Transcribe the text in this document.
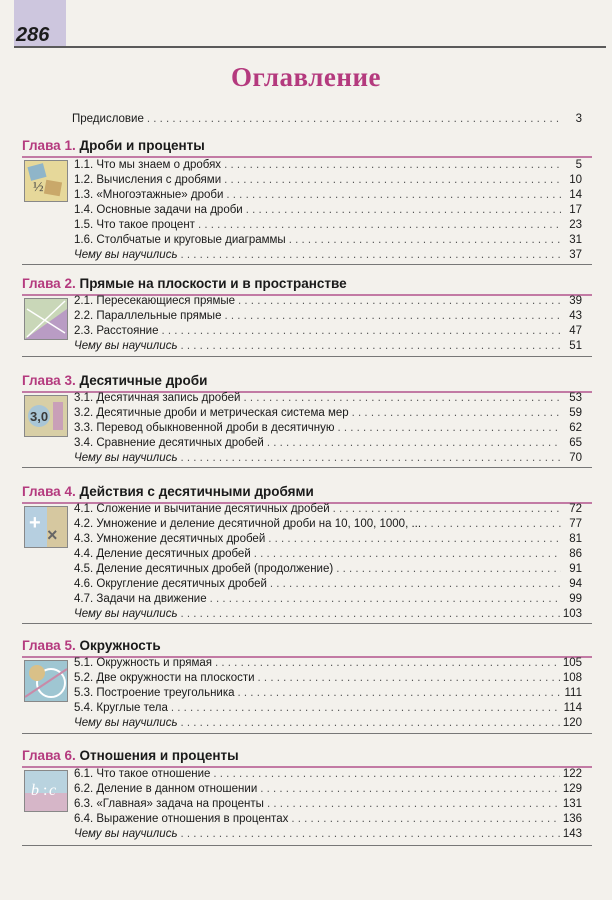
286
Оглавление
Предисловие . . .	3
Глава 1. Дроби и проценты
½
1.1. Что мы знаем о дробях . . .	5
1.2. Вычисления с дробями . . .	10
1.3. «Многоэтажные» дроби . . .	14
1.4. Основные задачи на дроби . . .	17
1.5. Что такое процент . . .	23
1.6. Столбчатые и круговые диаграммы . . .	31
Чему вы научились . . .	37
Глава 2. Прямые на плоскости и в пространстве
2.1. Пересекающиеся прямые . . .	39
2.2. Параллельные прямые . . .	43
2.3. Расстояние . . .	47
Чему вы научились . . .	51
Глава 3. Десятичные дроби
3,0
3.1. Десятичная запись дробей . . .	53
3.2. Десятичные дроби и метрическая система мер . . .	59
3.3. Перевод обыкновенной дроби в десятичную . . .	62
3.4. Сравнение десятичных дробей . . .	65
Чему вы научились . . .	70
Глава 4. Действия с десятичными дробями
+
×
4.1. Сложение и вычитание десятичных дробей . . .	72
4.2. Умножение и деление десятичной дроби на 10, 100, 1000, ... . . .	77
4.3. Умножение десятичных дробей . . .	81
4.4. Деление десятичных дробей . . .	86
4.5. Деление десятичных дробей (продолжение) . . .	91
4.6. Округление десятичных дробей . . .	94
4.7. Задачи на движение . . .	99
Чему вы научились . . .	103
Глава 5. Окружность
5.1. Окружность и прямая . . .	105
5.2. Две окружности на плоскости . . .	108
5.3. Построение треугольника . . .	111
5.4. Круглые тела . . .	114
Чему вы научились . . .	120
Глава 6. Отношения и проценты
b : c
6.1. Что такое отношение . . .	122
6.2. Деление в данном отношении . . .	129
6.3. «Главная» задача на проценты . . .	131
6.4. Выражение отношения в процентах . . .	136
Чему вы научились . . .	143
